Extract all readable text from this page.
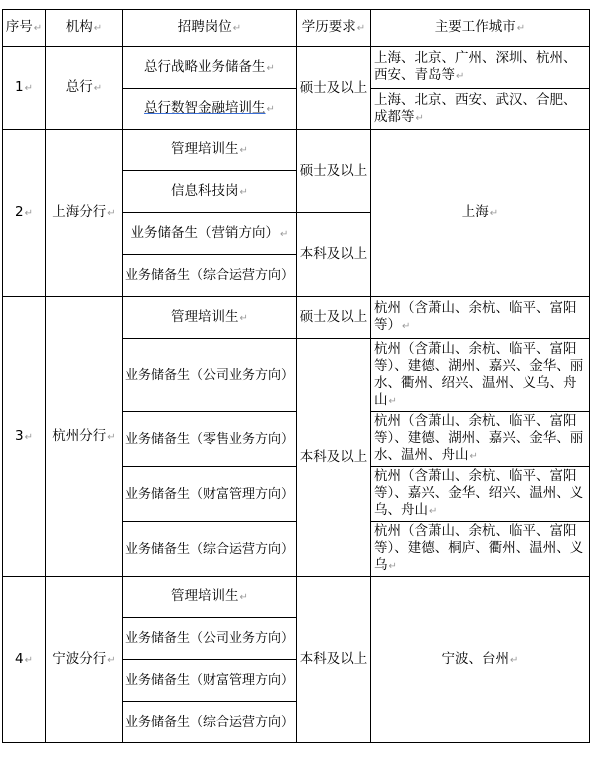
序号↵	机构↵	招聘岗位↵	学历要求↵	主要工作城市↵
1↵	总行↵	总行战略业务储备生↵	硕士及以上	上海、北京、广州、深圳、杭州、西安、青岛等↵
		总行数智金融培训生↵		上海、北京、西安、武汉、合肥、成都等↵
2↵	上海分行↵	管理培训生↵	硕士及以上	上海↵
		信息科技岗↵		
		业务储备生（营销方向）↵	本科及以上	
		业务储备生（综合运营方向）		
3↵	杭州分行↵	管理培训生↵	硕士及以上	杭州（含萧山、余杭、临平、富阳等）↵
		业务储备生（公司业务方向）	本科及以上	杭州（含萧山、余杭、临平、富阳等）、建德、湖州、嘉兴、金华、丽水、衢州、绍兴、温州、义乌、舟山↵
		业务储备生（零售业务方向）		杭州（含萧山、余杭、临平、富阳等）、建德、湖州、嘉兴、金华、丽水、温州、舟山↵
		业务储备生（财富管理方向）		杭州（含萧山、余杭、临平、富阳等）、嘉兴、金华、绍兴、温州、义乌、舟山↵
		业务储备生（综合运营方向）		杭州（含萧山、余杭、临平、富阳等）、建德、桐庐、衢州、温州、义乌↵
4↵	宁波分行↵	管理培训生↵	本科及以上	宁波、台州↵
		业务储备生（公司业务方向）		
		业务储备生（财富管理方向）		
		业务储备生（综合运营方向）		
